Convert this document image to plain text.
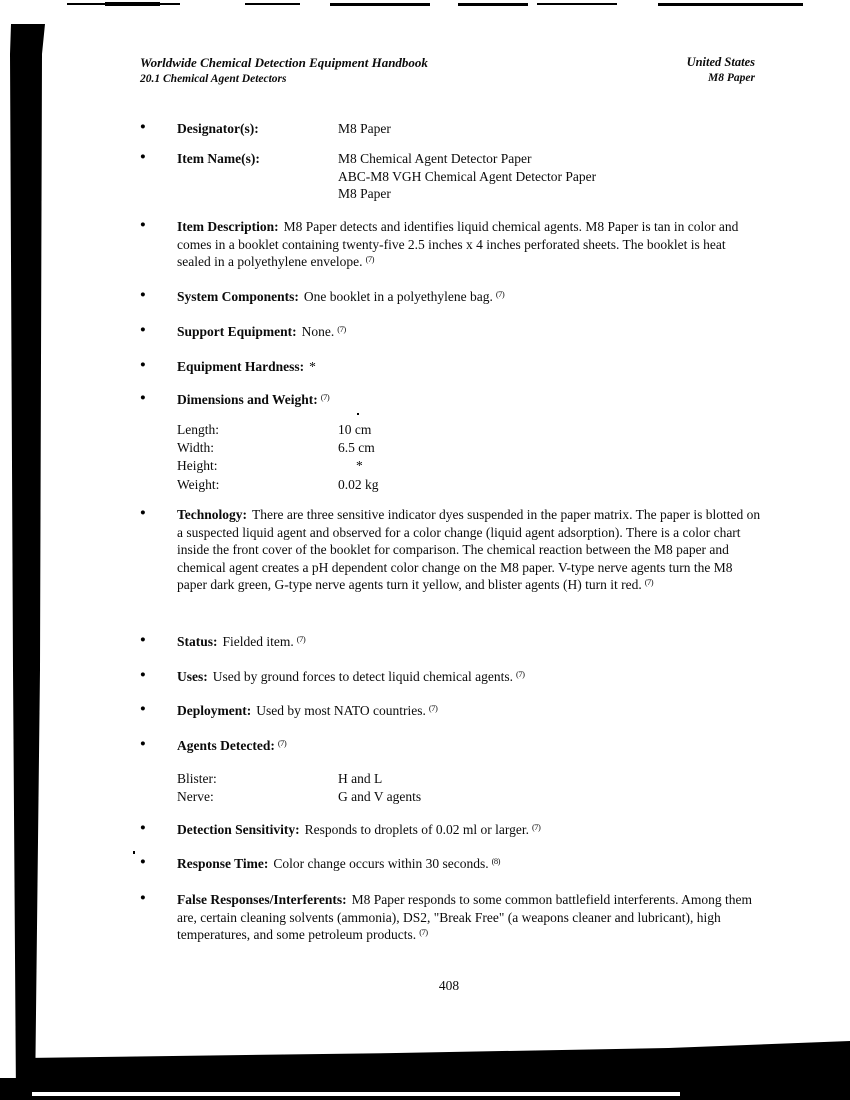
Worldwide Chemical Detection Equipment Handbook
20.1 Chemical Agent Detectors
United States
M8 Paper
● Designator(s):	M8 Paper
● Item Name(s):	M8 Chemical Agent Detector Paper
ABC-M8 VGH Chemical Agent Detector Paper
M8 Paper
● Item Description: M8 Paper detects and identifies liquid chemical agents. M8 Paper is tan in color and comes in a booklet containing twenty-five 2.5 inches x 4 inches perforated sheets. The booklet is heat sealed in a polyethylene envelope. $^{(7)}$
● System Components: One booklet in a polyethylene bag. $^{(7)}$
● Support Equipment: None. $^{(7)}$
● Equipment Hardness: *
● Dimensions and Weight: $^{(7)}$
Length:	10 cm
Width:	6.5 cm
Height:	*
Weight:	0.02 kg
● Technology: There are three sensitive indicator dyes suspended in the paper matrix. The paper is blotted on a suspected liquid agent and observed for a color change (liquid agent adsorption). There is a color chart inside the front cover of the booklet for comparison. The chemical reaction between the M8 paper and chemical agent creates a pH dependent color change on the M8 paper. V-type nerve agents turn the M8 paper dark green, G-type nerve agents turn it yellow, and blister agents (H) turn it red. $^{(7)}$
● Status: Fielded item. $^{(7)}$
● Uses: Used by ground forces to detect liquid chemical agents. $^{(7)}$
● Deployment: Used by most NATO countries. $^{(7)}$
● Agents Detected: $^{(7)}$
Blister:	H and L
Nerve:	G and V agents
● Detection Sensitivity: Responds to droplets of 0.02 ml or larger. $^{(7)}$
● Response Time: Color change occurs within 30 seconds. $^{(8)}$
● False Responses/Interferents: M8 Paper responds to some common battlefield interferents. Among them are, certain cleaning solvents (ammonia), DS2, "Break Free" (a weapons cleaner and lubricant), high temperatures, and some petroleum products. $^{(7)}$
408
